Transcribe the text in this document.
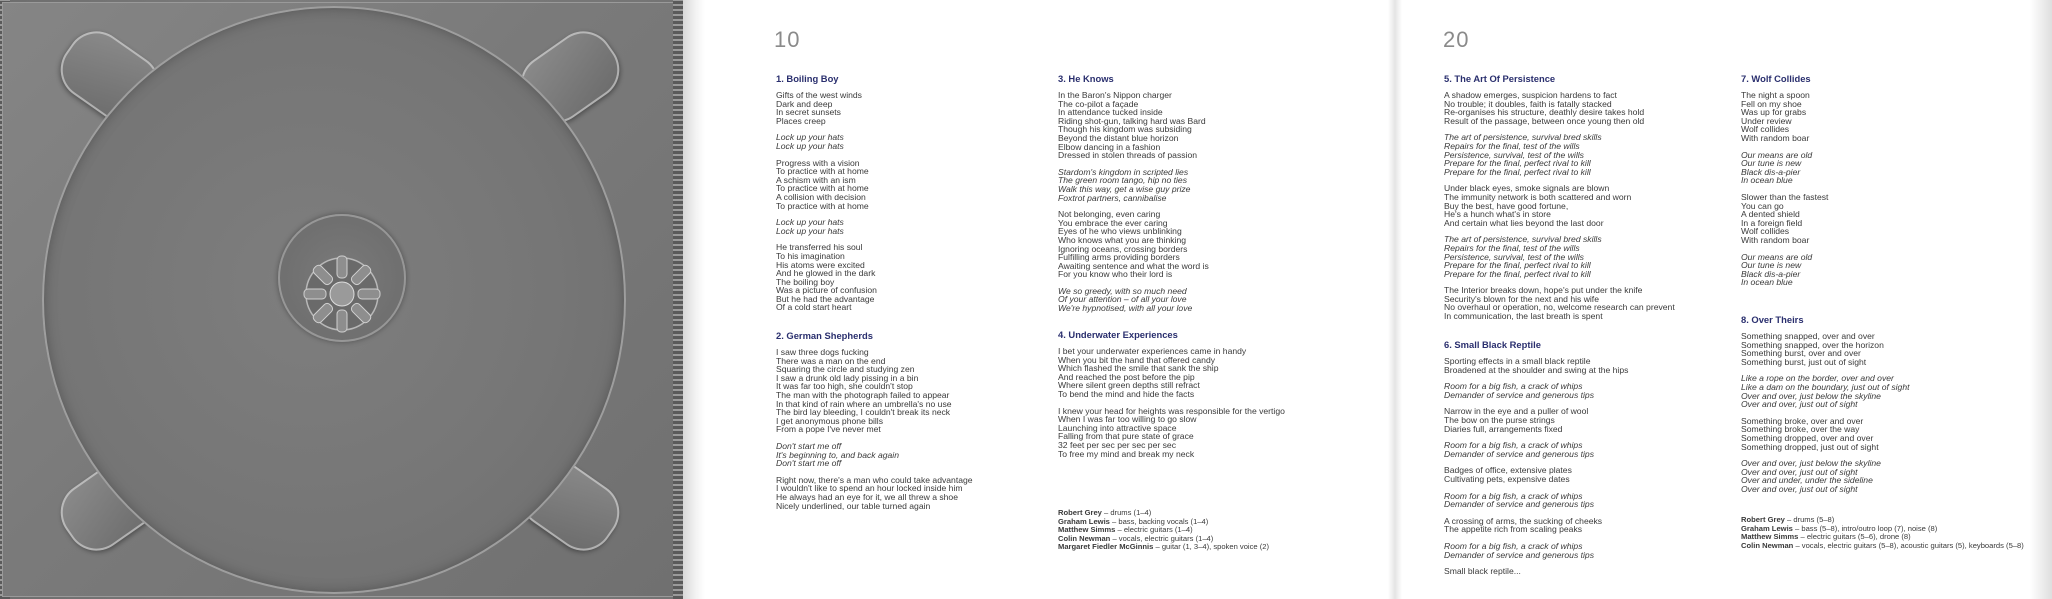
10
1. Boiling Boy
Gifts of the west winds
Dark and deep
In secret sunsets
Places creep
Lock up your hats
Lock up your hats
Progress with a vision
To practice with at home
A schism with an ism
To practice with at home
A collision with decision
To practice with at home
Lock up your hats
Lock up your hats
He transferred his soul
To his imagination
His atoms were excited
And he glowed in the dark
The boiling boy
Was a picture of confusion
But he had the advantage
Of a cold start heart
2. German Shepherds
I saw three dogs fucking
There was a man on the end
Squaring the circle and studying zen
I saw a drunk old lady pissing in a bin
It was far too high, she couldn't stop
The man with the photograph failed to appear
In that kind of rain where an umbrella's no use
The bird lay bleeding, I couldn't break its neck
I get anonymous phone bills
From a pope I've never met
Don't start me off
It's beginning to, and back again
Don't start me off
Right now, there's a man who could take advantage
I wouldn't like to spend an hour locked inside him
He always had an eye for it, we all threw a shoe
Nicely underlined, our table turned again
3. He Knows
In the Baron's Nippon charger
The co-pilot a façade
In attendance tucked inside
Riding shot-gun, talking hard was Bard
Though his kingdom was subsiding
Beyond the distant blue horizon
Elbow dancing in a fashion
Dressed in stolen threads of passion
Stardom's kingdom in scripted lies
The green room tango, hip no ties
Walk this way, get a wise guy prize
Foxtrot partners, cannibalise
Not belonging, even caring
You embrace the ever caring
Eyes of he who views unblinking
Who knows what you are thinking
Ignoring oceans, crossing borders
Fulfilling arms providing borders
Awaiting sentence and what the word is
For you know who their lord is
We so greedy, with so much need
Of your attention – of all your love
We're hypnotised, with all your love
4. Underwater Experiences
I bet your underwater experiences came in handy
When you bit the hand that offered candy
Which flashed the smile that sank the ship
And reached the post before the pip
Where silent green depths still refract
To bend the mind and hide the facts
I knew your head for heights was responsible for the vertigo
When I was far too willing to go slow
Launching into attractive space
Falling from that pure state of grace
32 feet per sec per sec per sec
To free my mind and break my neck
Robert Grey – drums (1–4)
Graham Lewis – bass, backing vocals (1–4)
Matthew Simms – electric guitars (1–4)
Colin Newman – vocals, electric guitars (1–4)
Margaret Fiedler McGinnis – guitar (1, 3–4), spoken voice (2)
20
5. The Art Of Persistence
A shadow emerges, suspicion hardens to fact
No trouble; it doubles, faith is fatally stacked
Re-organises his structure, deathly desire takes hold
Result of the passage, between once young then old
The art of persistence, survival bred skills
Repairs for the final, test of the wills
Persistence, survival, test of the wills
Prepare for the final, perfect rival to kill
Prepare for the final, perfect rival to kill
Under black eyes, smoke signals are blown
The immunity network is both scattered and worn
Buy the best, have good fortune,
He's a hunch what's in store
And certain what lies beyond the last door
The art of persistence, survival bred skills
Repairs for the final, test of the wills
Persistence, survival, test of the wills
Prepare for the final, perfect rival to kill
Prepare for the final, perfect rival to kill
The Interior breaks down, hope's put under the knife
Security's blown for the next and his wife
No overhaul or operation, no, welcome research can prevent
In communication, the last breath is spent
6. Small Black Reptile
Sporting effects in a small black reptile
Broadened at the shoulder and swing at the hips
Room for a big fish, a crack of whips
Demander of service and generous tips
Narrow in the eye and a puller of wool
The bow on the purse strings
Diaries full, arrangements fixed
Room for a big fish, a crack of whips
Demander of service and generous tips
Badges of office, extensive plates
Cultivating pets, expensive dates
Room for a big fish, a crack of whips
Demander of service and generous tips
A crossing of arms, the sucking of cheeks
The appetite rich from scaling peaks
Room for a big fish, a crack of whips
Demander of service and generous tips
Small black reptile...
7. Wolf Collides
The night a spoon
Fell on my shoe
Was up for grabs
Under review
Wolf collides
With random boar
Our means are old
Our tune is new
Black dis-a-pier
In ocean blue
Slower than the fastest
You can go
A dented shield
In a foreign field
Wolf collides
With random boar
Our means are old
Our tune is new
Black dis-a-pier
In ocean blue
8. Over Theirs
Something snapped, over and over
Something snapped, over the horizon
Something burst, over and over
Something burst, just out of sight
Like a rope on the border, over and over
Like a dam on the boundary, just out of sight
Over and over, just below the skyline
Over and over, just out of sight
Something broke, over and over
Something broke, over the way
Something dropped, over and over
Something dropped, just out of sight
Over and over, just below the skyline
Over and over, just out of sight
Over and under, under the sideline
Over and over, just out of sight
Robert Grey – drums (5–8)
Graham Lewis – bass (5–8), intro/outro loop (7), noise (8)
Matthew Simms – electric guitars (5–6), drone (8)
Colin Newman – vocals, electric guitars (5–8), acoustic guitars (5), keyboards (5–8)
